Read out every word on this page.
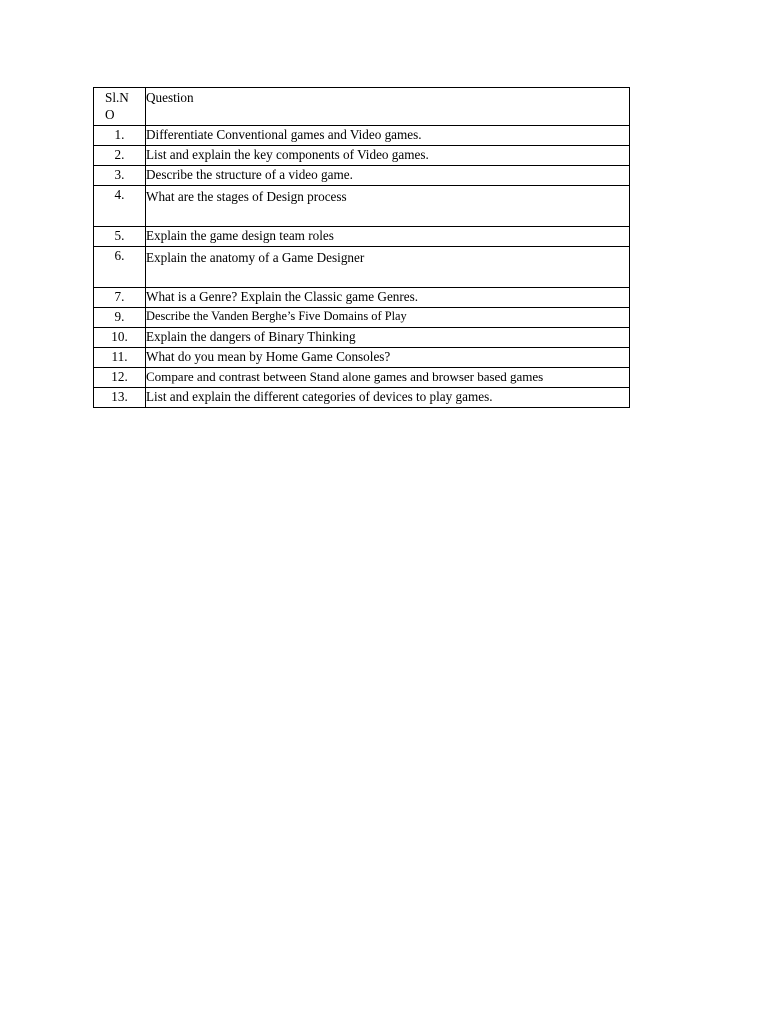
Sl.N
O	Question
1.	Differentiate Conventional games and Video games.
2.	List and explain the key components of Video games.
3.	Describe the structure of a video game.
4.	What are the stages of Design process
5.	Explain the game design team roles
6.	Explain the anatomy of a Game Designer
7.	What is a Genre? Explain the Classic game Genres.
9.	Describe the Vanden Berghe’s Five Domains of Play
10.	Explain the dangers of Binary Thinking
11.	What do you mean by Home Game Consoles?
12.	Compare and contrast between Stand alone games and browser based games
13.	List and explain the different categories of devices to play games.
